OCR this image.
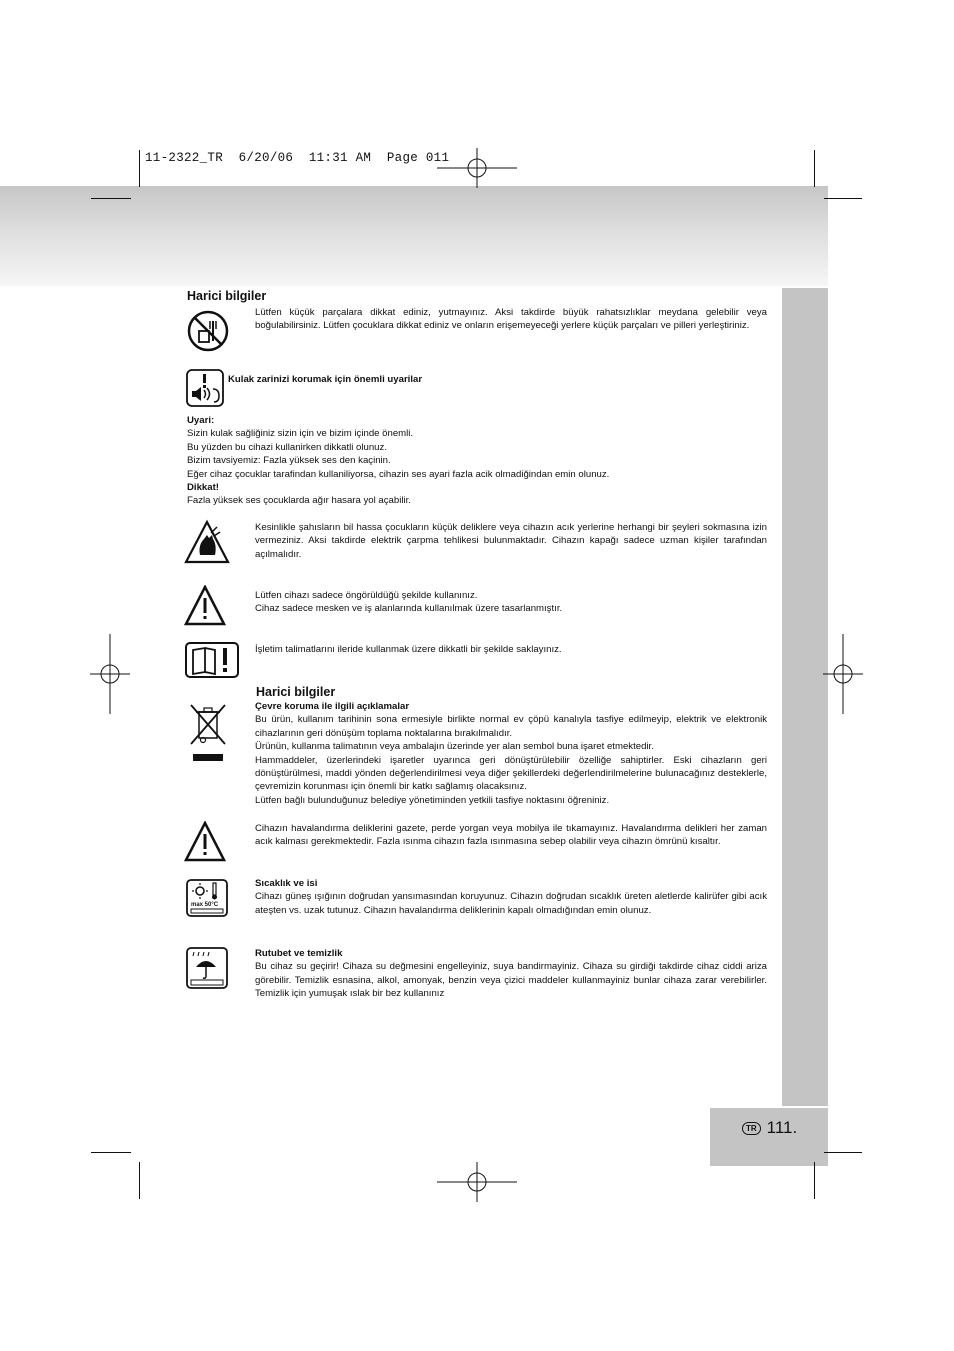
11-2322_TR  6/20/06  11:31 AM  Page 011
TR 111.
Harici bilgiler
Lütfen küçük parçalara dikkat ediniz, yutmayınız. Aksi takdirde büyük rahatsızlıklar meydana gelebilir veya boğulabilirsiniz. Lütfen çocuklara dikkat ediniz ve onların erişemeyeceği yerlere küçük parçaları ve pilleri yerleştiriniz.
Kulak zarinizi korumak için önemli uyarilar

Uyari:

Sizin kulak sağliğiniz sizin için ve bizim içinde önemli.

Bu yüzden bu cihazi kullanirken dikkatli olunuz.

Bizim tavsiyemiz: Fazla yüksek ses den kaçinin.

Eğer cihaz çocuklar tarafindan kullaniliyorsa, cihazin ses ayari fazla acik olmadiğindan emin olunuz.

Dikkat!

Fazla yüksek ses çocuklarda ağır hasara yol açabilir.

Kesinlikle şahısların bil hassa çocukların küçük deliklere veya cihazın acık yerlerine herhangi bir şeyleri sokmasına izin vermeziniz. Aksi takdirde elektrik çarpma tehlikesi bulunmaktadır. Cihazın kapağı sadece uzman kişiler tarafından açılmalıdır.

Lütfen cihazı sadece öngörüldüğü şekilde kullanınız.

Cihaz sadece mesken ve iş alanlarında kullanılmak üzere tasarlanmıştır.

İşletim talimatlarını ileride kullanmak üzere dikkatli bir şekilde saklayınız.
Harici bilgiler

Çevre koruma ile ilgili açıklamalar

Bu ürün, kullanım tarihinin sona ermesiyle birlikte normal ev çöpü kanalıyla tasfiye edilmeyip, elektrik ve elektronik cihazlarının geri dönüşüm toplama noktalarına bırakılmalıdır.

Ürünün, kullanma talimatının veya ambalajın üzerinde yer alan sembol buna işaret etmektedir.

Hammaddeler, üzerlerindeki işaretler uyarınca geri dönüştürülebilir özelliğe sahiptirler. Eski cihazların geri dönüştürülmesi, maddi yönden değerlendirilmesi veya diğer şekillerdeki değerlendirilmelerine bulunacağınız desteklerle, çevremizin korunması için önemli bir katkı sağlamış olacaksınız.

Lütfen bağlı bulunduğunuz belediye yönetiminden yetkili tasfiye noktasını öğreniniz.

Cihazın havalandırma deliklerini gazete, perde yorgan veya mobilya ile tıkamayınız. Havalandırma delikleri her zaman acık kalması gerekmektedir. Fazla ısınma cihazın fazla ısınmasına sebep olabilir veya cihazın ömrünü kısaltır.
max 50°C

Sıcaklık ve isi

Cihazı güneş ışığının doğrudan yansımasından koruyunuz. Cihazın doğrudan sıcaklık üreten aletlerde kalirüfer gibi acık ateşten vs. uzak tutunuz. Cihazın havalandırma deliklerinin kapalı olmadığından emin olunuz.

Rutubet ve temizlik

Bu cihaz su geçirir! Cihaza su değmesini engelleyiniz, suya bandirmayiniz. Cihaza su girdiği takdirde cihaz ciddi ariza görebilir. Temizlik esnasina, alkol, amonyak, benzin veya çizici maddeler kullanmayiniz bunlar cihaza zarar verebilirler. Temizlik için yumuşak ıslak bir bez kullanınız
